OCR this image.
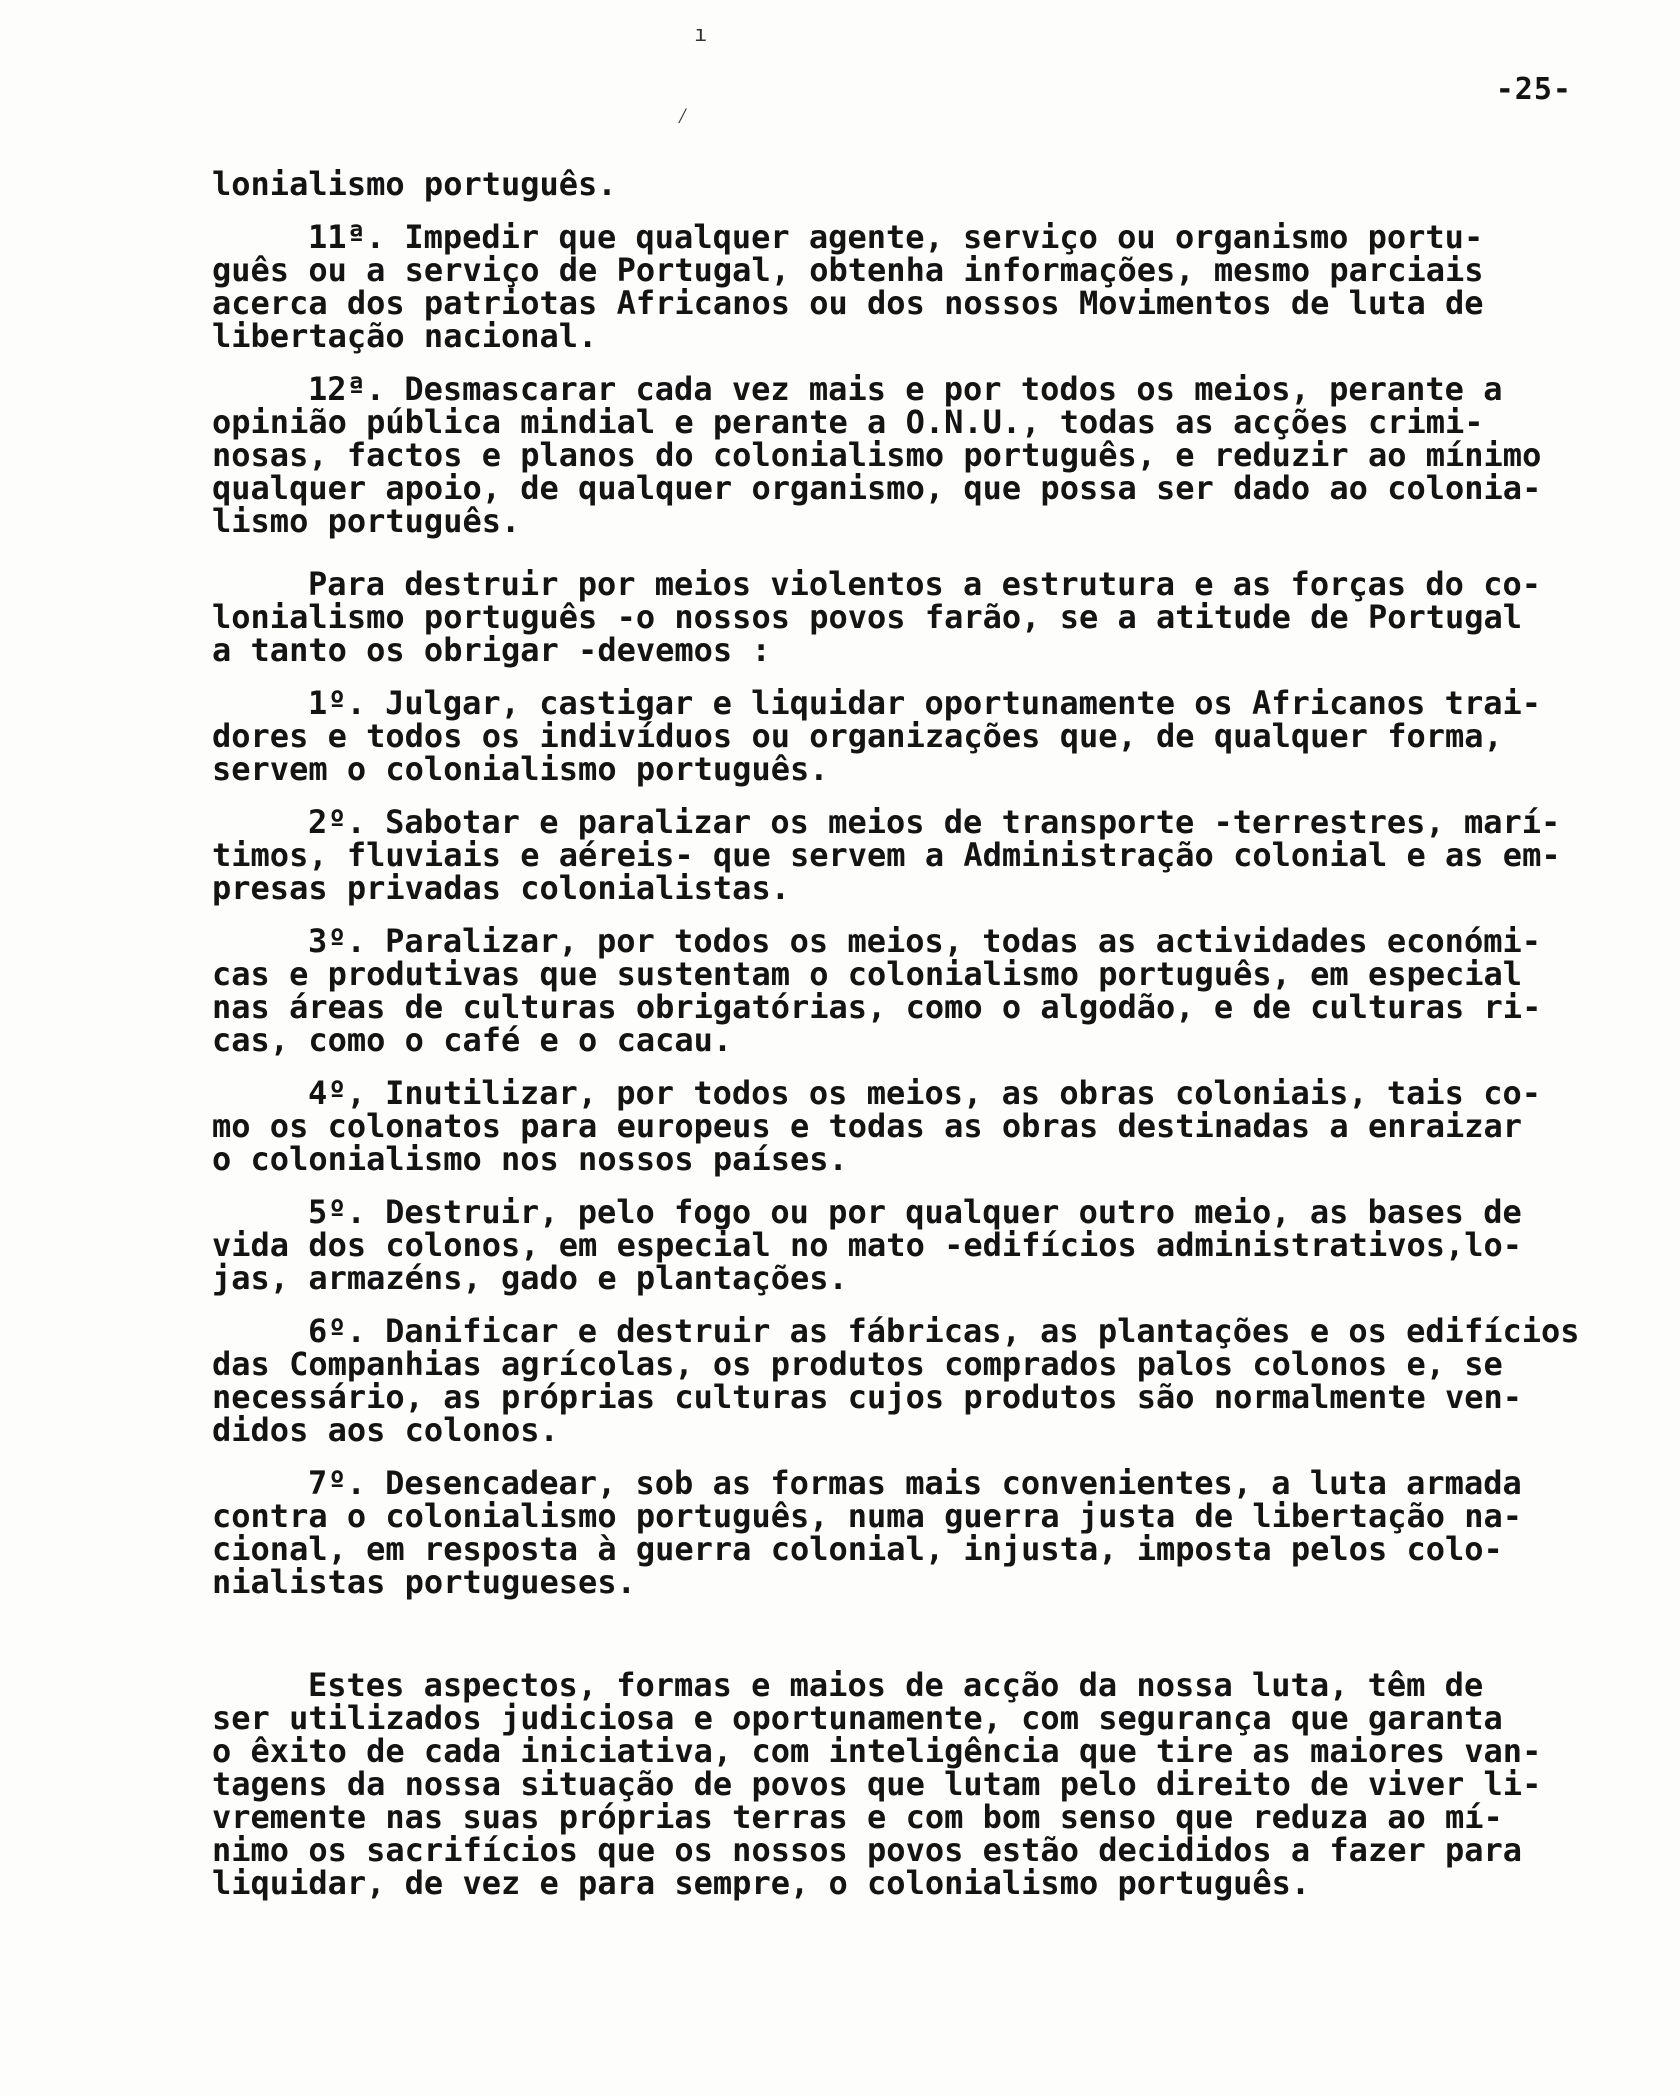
ı
⁄
-25-

lonialismo português.

11ª. Impedir que qualquer agente, serviço ou organismo portu-
guês ou a serviço de Portugal, obtenha informações, mesmo parciais
acerca dos patriotas Africanos ou dos nossos Movimentos de luta de
libertação nacional.

12ª. Desmascarar cada vez mais e por todos os meios, perante a
opinião pública mindial e perante a O.N.U., todas as acções crimi-
nosas, factos e planos do colonialismo português, e reduzir ao mínimo
qualquer apoio, de qualquer organismo, que possa ser dado ao colonia-
lismo português.

Para destruir por meios violentos a estrutura e as forças do co-
lonialismo português -o nossos povos farão, se a atitude de Portugal
a tanto os obrigar -devemos :

1º. Julgar, castigar e liquidar oportunamente os Africanos trai-
dores e todos os indivíduos ou organizações que, de qualquer forma,
servem o colonialismo português.

2º. Sabotar e paralizar os meios de transporte -terrestres, marí-
timos, fluviais e aéreis- que servem a Administração colonial e as em-
presas privadas colonialistas.

3º. Paralizar, por todos os meios, todas as actividades económi-
cas e produtivas que sustentam o colonialismo português, em especial
nas áreas de culturas obrigatórias, como o algodão, e de culturas ri-
cas, como o café e o cacau.

4º, Inutilizar, por todos os meios, as obras coloniais, tais co-
mo os colonatos para europeus e todas as obras destinadas a enraizar
o colonialismo nos nossos países.

5º. Destruir, pelo fogo ou por qualquer outro meio, as bases de
vida dos colonos, em especial no mato -edifícios administrativos,lo-
jas, armazéns, gado e plantações.

6º. Danificar e destruir as fábricas, as plantações e os edifícios
das Companhias agrícolas, os produtos comprados palos colonos e, se
necessário, as próprias culturas cujos produtos são normalmente ven-
didos aos colonos.

7º. Desencadear, sob as formas mais convenientes, a luta armada
contra o colonialismo português, numa guerra justa de libertação na-
cional, em resposta à guerra colonial, injusta, imposta pelos colo-
nialistas portugueses.

Estes aspectos, formas e maios de acção da nossa luta, têm de
ser utilizados judiciosa e oportunamente, com segurança que garanta
o êxito de cada iniciativa, com inteligência que tire as maiores van-
tagens da nossa situação de povos que lutam pelo direito de viver li-
vremente nas suas próprias terras e com bom senso que reduza ao mí-
nimo os sacrifícios que os nossos povos estão decididos a fazer para
liquidar, de vez e para sempre, o colonialismo português.
